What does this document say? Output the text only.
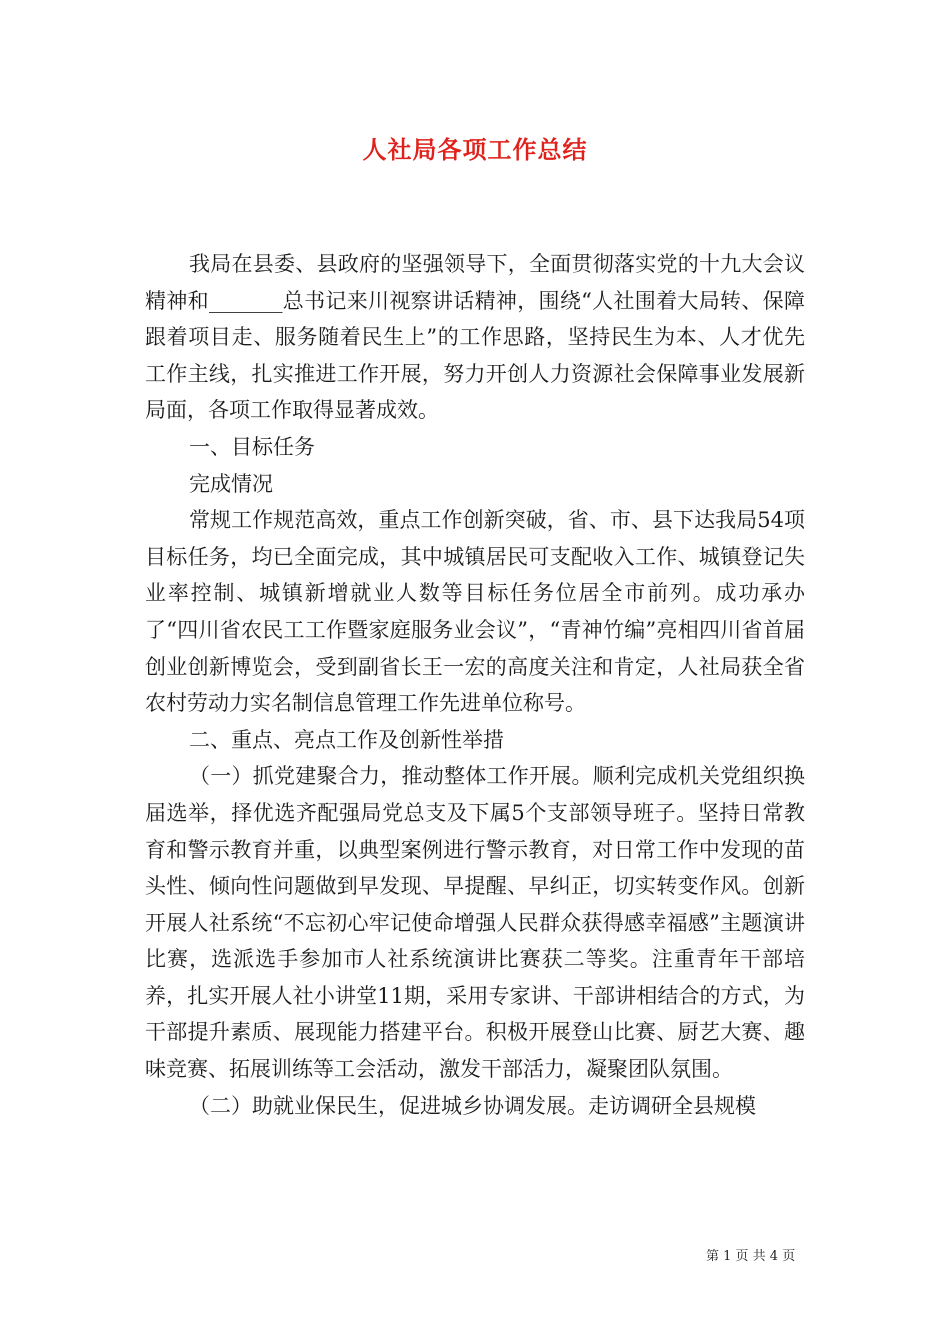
人社局各项工作总结

我局在县委、县政府的坚强领导下，全面贯彻落实党的十九大会议精神和_______总书记来川视察讲话精神，围绕“人社围着大局转、保障跟着项目走、服务随着民生上”的工作思路，坚持民生为本、人才优先工作主线，扎实推进工作开展，努力开创人力资源社会保障事业发展新局面，各项工作取得显著成效。

一、目标任务

完成情况

常规工作规范高效，重点工作创新突破，省、市、县下达我局54项目标任务，均已全面完成，其中城镇居民可支配收入工作、城镇登记失业率控制、城镇新增就业人数等目标任务位居全市前列。成功承办了“四川省农民工工作暨家庭服务业会议”，“青神竹编”亮相四川省首届创业创新博览会，受到副省长王一宏的高度关注和肯定，人社局获全省农村劳动力实名制信息管理工作先进单位称号。

二、重点、亮点工作及创新性举措

（一）抓党建聚合力，推动整体工作开展。顺利完成机关党组织换届选举，择优选齐配强局党总支及下属5个支部领导班子。坚持日常教育和警示教育并重，以典型案例进行警示教育，对日常工作中发现的苗头性、倾向性问题做到早发现、早提醒、早纠正，切实转变作风。创新开展人社系统“不忘初心牢记使命增强人民群众获得感幸福感”主题演讲比赛，选派选手参加市人社系统演讲比赛获二等奖。注重青年干部培养，扎实开展人社小讲堂11期，采用专家讲、干部讲相结合的方式，为干部提升素质、展现能力搭建平台。积极开展登山比赛、厨艺大赛、趣味竞赛、拓展训练等工会活动，激发干部活力，凝聚团队氛围。

（二）助就业保民生，促进城乡协调发展。走访调研全县规模

第 1 页 共 4 页
